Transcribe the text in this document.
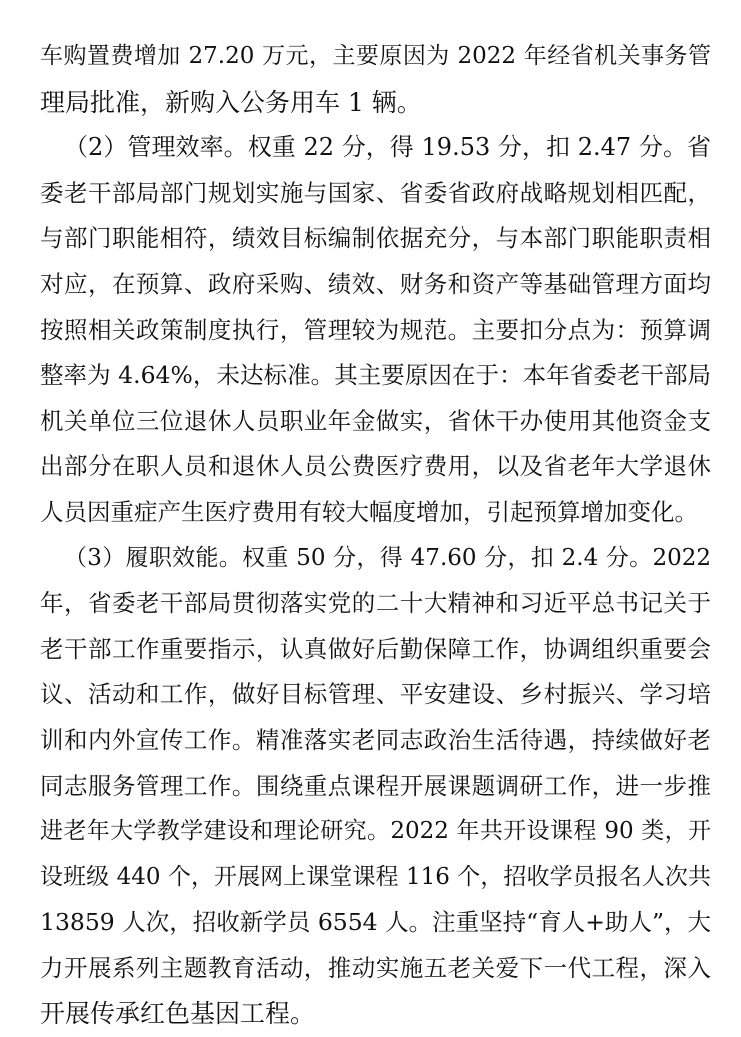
车购置费增加 27.20 万元，主要原因为 2022 年经省机关事务管
理局批准，新购入公务用车 1 辆。
（2）管理效率。权重 22 分，得 19.53 分，扣 2.47 分。省
委老干部局部门规划实施与国家、省委省政府战略规划相匹配，
与部门职能相符，绩效目标编制依据充分，与本部门职能职责相
对应，在预算、政府采购、绩效、财务和资产等基础管理方面均
按照相关政策制度执行，管理较为规范。主要扣分点为：预算调
整率为 4.64%，未达标准。其主要原因在于：本年省委老干部局
机关单位三位退休人员职业年金做实，省休干办使用其他资金支
出部分在职人员和退休人员公费医疗费用，以及省老年大学退休
人员因重症产生医疗费用有较大幅度增加，引起预算增加变化。
（3）履职效能。权重 50 分，得 47.60 分，扣 2.4 分。2022
年，省委老干部局贯彻落实党的二十大精神和习近平总书记关于
老干部工作重要指示，认真做好后勤保障工作，协调组织重要会
议、活动和工作，做好目标管理、平安建设、乡村振兴、学习培
训和内外宣传工作。精准落实老同志政治生活待遇，持续做好老
同志服务管理工作。围绕重点课程开展课题调研工作，进一步推
进老年大学教学建设和理论研究。2022 年共开设课程 90 类，开
设班级 440 个，开展网上课堂课程 116 个，招收学员报名人次共
13859 人次，招收新学员 6554 人。注重坚持“育人+助人”，大
力开展系列主题教育活动，推动实施五老关爱下一代工程，深入
开展传承红色基因工程。
